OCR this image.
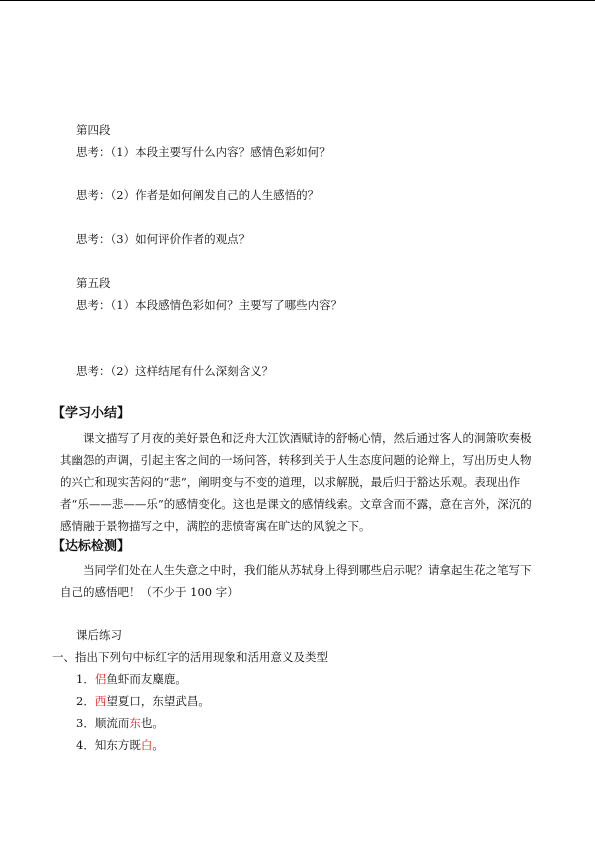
第四段
思考：（1）本段主要写什么内容？感情色彩如何？
思考：（2）作者是如何阐发自己的人生感悟的？
思考：（3）如何评价作者的观点？
第五段
思考：（1）本段感情色彩如何？主要写了哪些内容？
思考：（2）这样结尾有什么深刻含义？
【学习小结】
课文描写了月夜的美好景色和泛舟大江饮酒赋诗的舒畅心情，然后通过客人的洞箫吹奏极其幽怨的声调，引起主客之间的一场问答，转移到关于人生态度问题的论辩上，写出历史人物的兴亡和现实苦闷的“悲”，阐明变与不变的道理，以求解脱，最后归于豁达乐观。表现出作者“乐——悲——乐”的感情变化。这也是课文的感情线索。文章含而不露，意在言外，深沉的感情融于景物描写之中，满腔的悲愤寄寓在旷达的风貌之下。
【达标检测】
当同学们处在人生失意之中时，我们能从苏轼身上得到哪些启示呢？请拿起生花之笔写下自己的感悟吧！（不少于 100 字）
课后练习
一、指出下列句中标红字的活用现象和活用意义及类型
1．侣鱼虾而友麋鹿。
2．西望夏口，东望武昌。
3．顺流而东也。
4．知东方既白。
